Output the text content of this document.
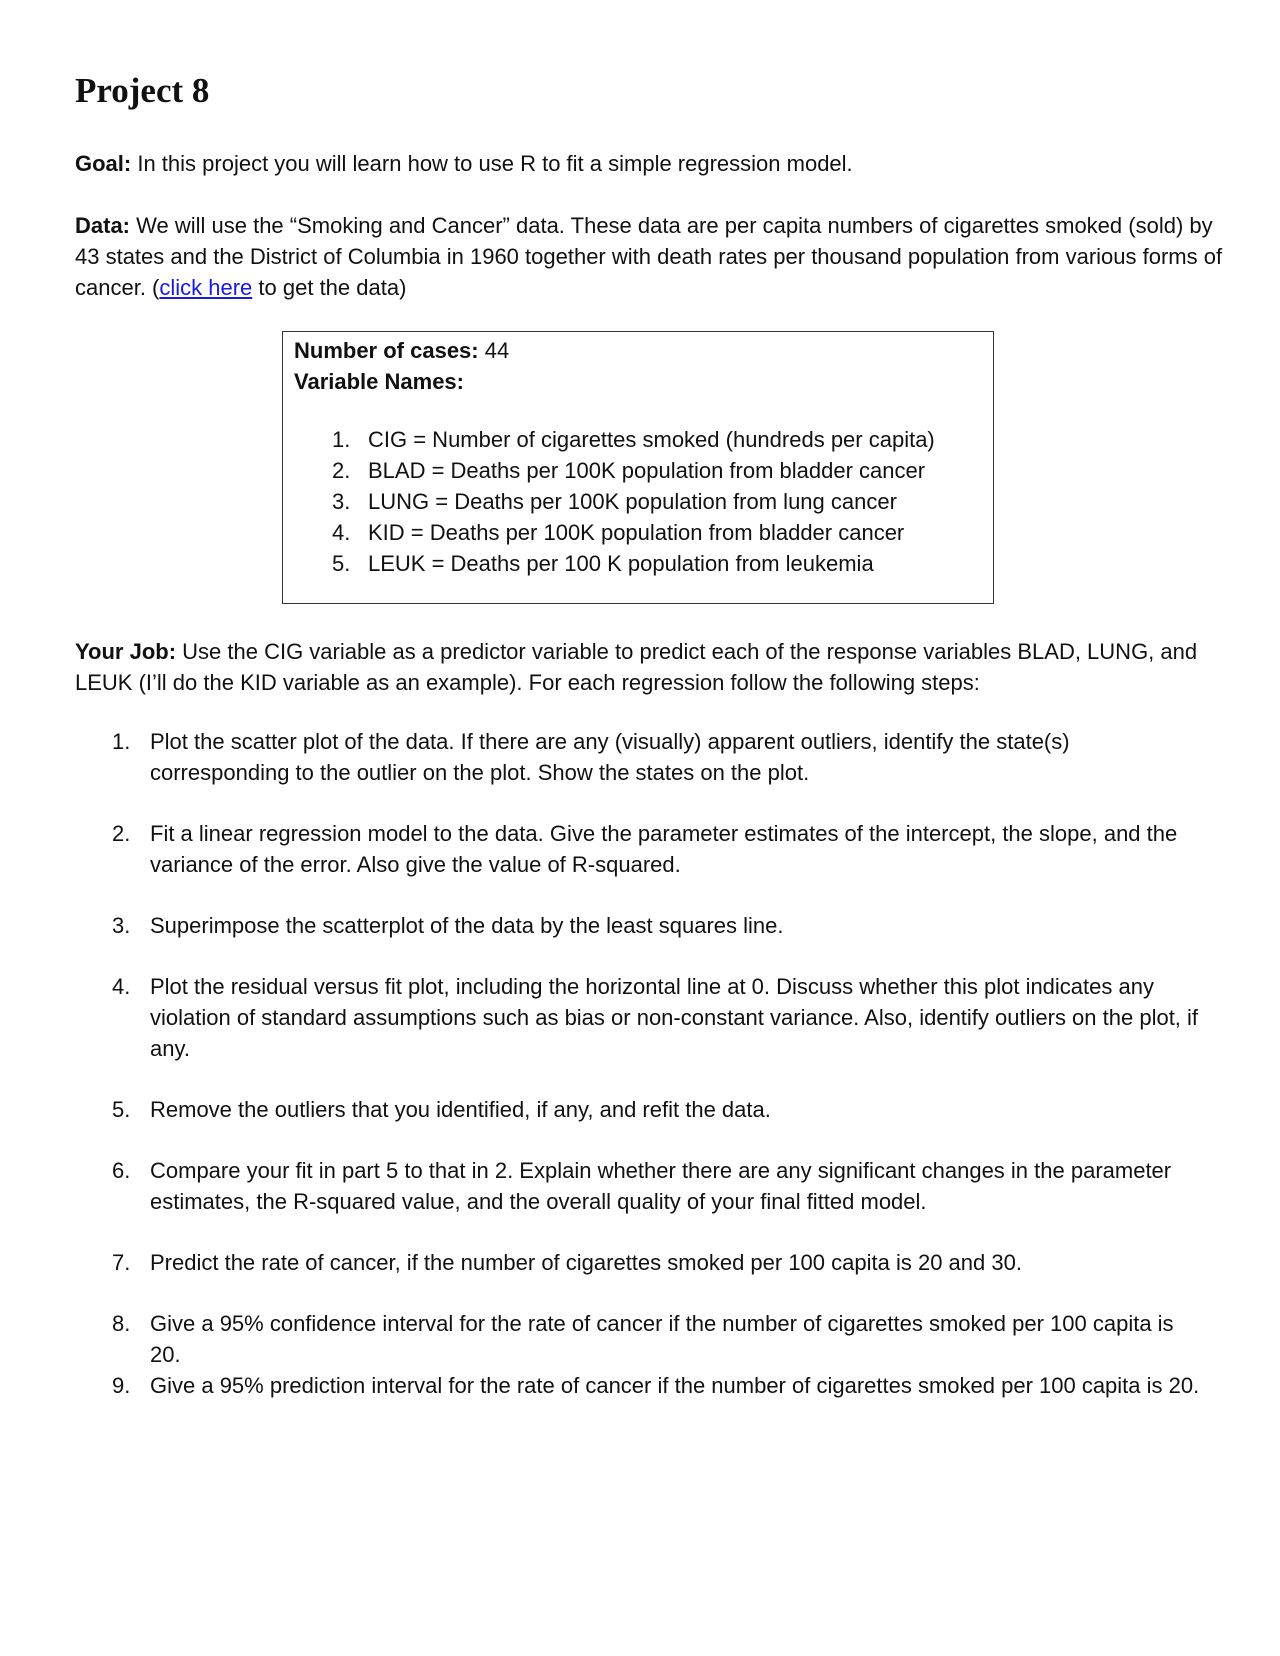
Project 8

Goal: In this project you will learn how to use R to fit a simple regression model.

Data: We will use the “Smoking and Cancer” data. These data are per capita numbers of cigarettes smoked (sold) by 43 states and the District of Columbia in 1960 together with death rates per thousand population from various forms of cancer. (click here to get the data)

Number of cases: 44
Variable Names:
1. CIG = Number of cigarettes smoked (hundreds per capita)
2. BLAD = Deaths per 100K population from bladder cancer
3. LUNG = Deaths per 100K population from lung cancer
4. KID = Deaths per 100K population from bladder cancer
5. LEUK = Deaths per 100 K population from leukemia

Your Job: Use the CIG variable as a predictor variable to predict each of the response variables BLAD, LUNG, and LEUK (I’ll do the KID variable as an example). For each regression follow the following steps:

1. Plot the scatter plot of the data. If there are any (visually) apparent outliers, identify the state(s) corresponding to the outlier on the plot. Show the states on the plot.
2. Fit a linear regression model to the data. Give the parameter estimates of the intercept, the slope, and the variance of the error. Also give the value of R-squared.
3. Superimpose the scatterplot of the data by the least squares line.
4. Plot the residual versus fit plot, including the horizontal line at 0. Discuss whether this plot indicates any violation of standard assumptions such as bias or non-constant variance. Also, identify outliers on the plot, if any.
5. Remove the outliers that you identified, if any, and refit the data.
6. Compare your fit in part 5 to that in 2. Explain whether there are any significant changes in the parameter estimates, the R-squared value, and the overall quality of your final fitted model.
7. Predict the rate of cancer, if the number of cigarettes smoked per 100 capita is 20 and 30.
8. Give a 95% confidence interval for the rate of cancer if the number of cigarettes smoked per 100 capita is 20.
9. Give a 95% prediction interval for the rate of cancer if the number of cigarettes smoked per 100 capita is 20.
